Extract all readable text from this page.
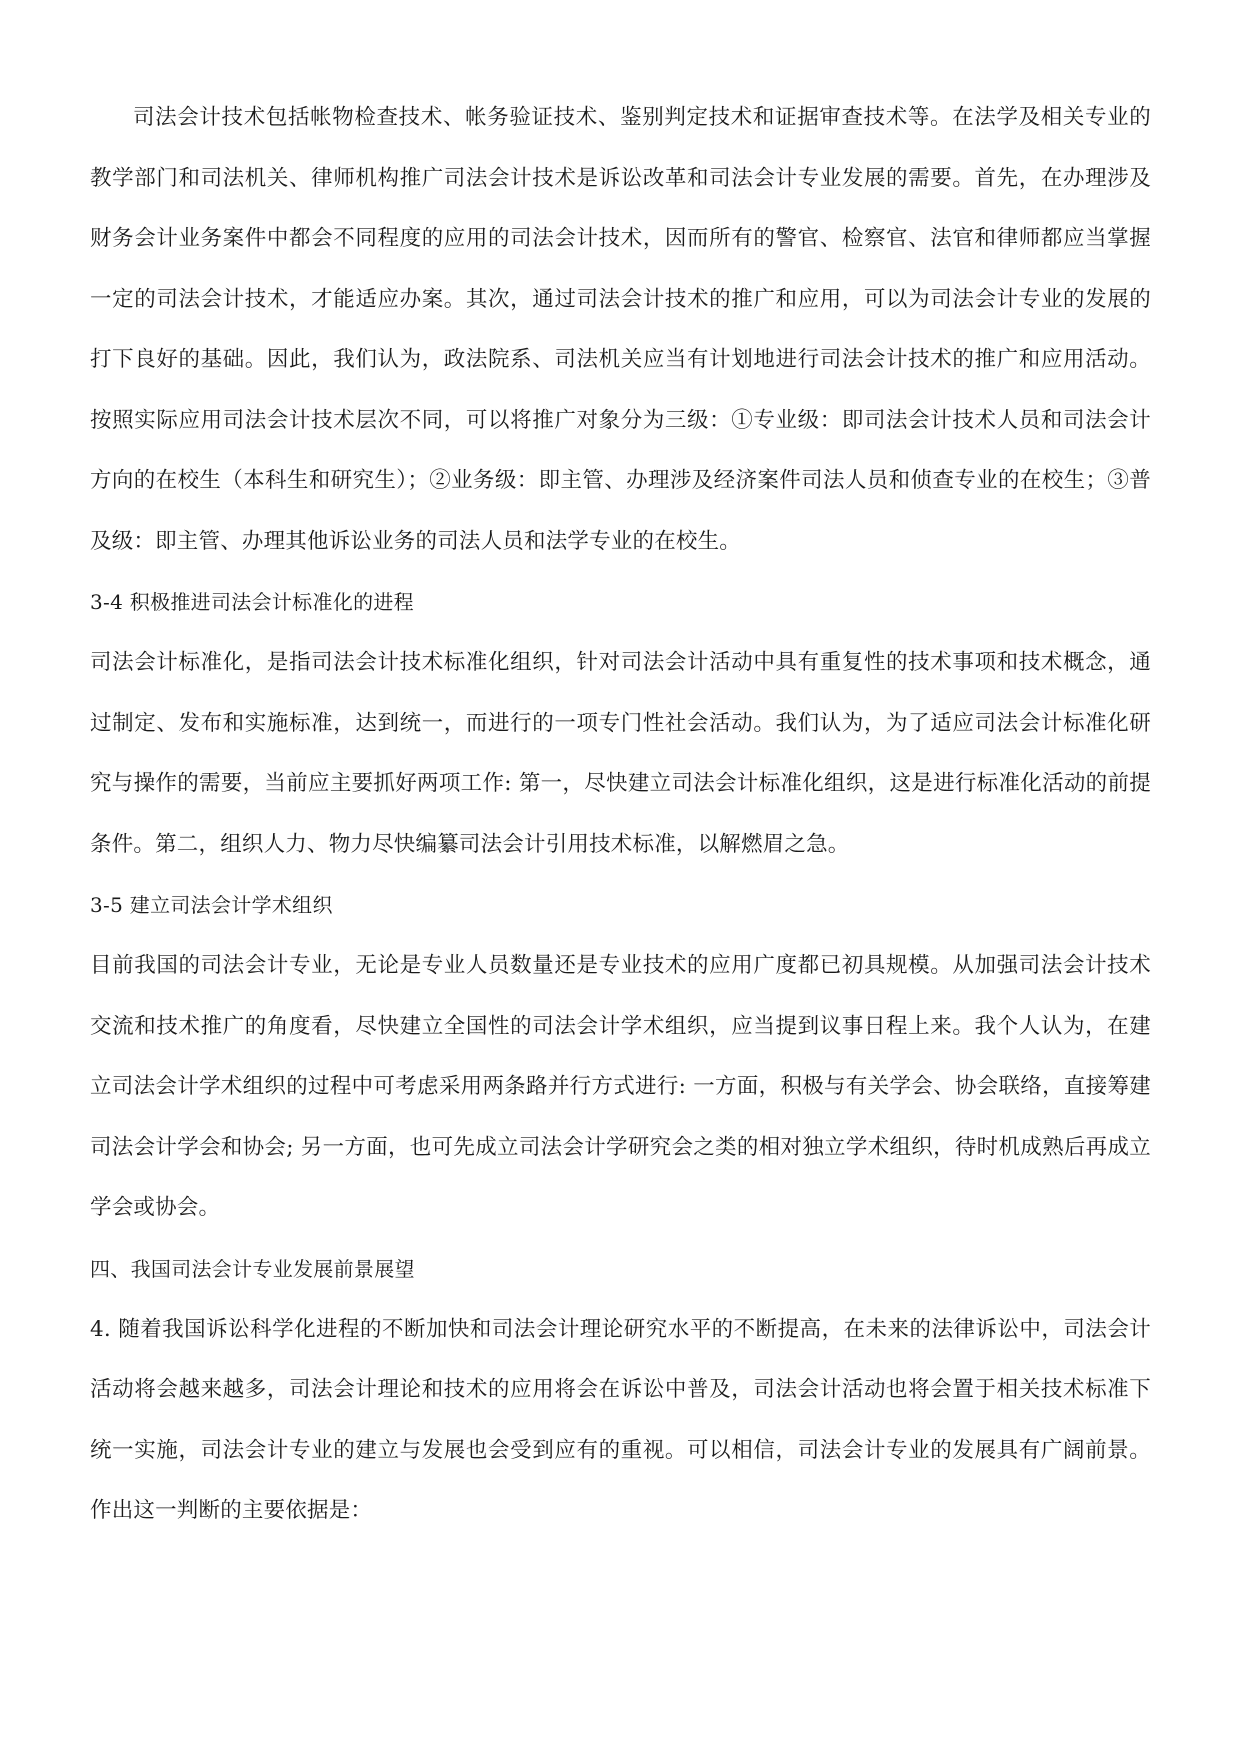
司法会计技术包括帐物检查技术、帐务验证技术、鉴别判定技术和证据审查技术等。在法学及相关专业的教学部门和司法机关、律师机构推广司法会计技术是诉讼改革和司法会计专业发展的需要。首先，在办理涉及财务会计业务案件中都会不同程度的应用的司法会计技术，因而所有的警官、检察官、法官和律师都应当掌握一定的司法会计技术，才能适应办案。其次，通过司法会计技术的推广和应用，可以为司法会计专业的发展的打下良好的基础。因此，我们认为，政法院系、司法机关应当有计划地进行司法会计技术的推广和应用活动。按照实际应用司法会计技术层次不同，可以将推广对象分为三级：①专业级：即司法会计技术人员和司法会计方向的在校生（本科生和研究生）；②业务级：即主管、办理涉及经济案件司法人员和侦查专业的在校生；③普及级：即主管、办理其他诉讼业务的司法人员和法学专业的在校生。

3-4 积极推进司法会计标准化的进程

司法会计标准化，是指司法会计技术标准化组织，针对司法会计活动中具有重复性的技术事项和技术概念，通过制定、发布和实施标准，达到统一，而进行的一项专门性社会活动。我们认为，为了适应司法会计标准化研究与操作的需要，当前应主要抓好两项工作: 第一，尽快建立司法会计标准化组织，这是进行标准化活动的前提条件。第二，组织人力、物力尽快编纂司法会计引用技术标准，以解燃眉之急。

3-5 建立司法会计学术组织

目前我国的司法会计专业，无论是专业人员数量还是专业技术的应用广度都已初具规模。从加强司法会计技术交流和技术推广的角度看，尽快建立全国性的司法会计学术组织，应当提到议事日程上来。我个人认为，在建立司法会计学术组织的过程中可考虑采用两条路并行方式进行: 一方面，积极与有关学会、协会联络，直接筹建司法会计学会和协会; 另一方面，也可先成立司法会计学研究会之类的相对独立学术组织，待时机成熟后再成立学会或协会。

四、我国司法会计专业发展前景展望

4. 随着我国诉讼科学化进程的不断加快和司法会计理论研究水平的不断提高，在未来的法律诉讼中，司法会计活动将会越来越多，司法会计理论和技术的应用将会在诉讼中普及，司法会计活动也将会置于相关技术标准下统一实施，司法会计专业的建立与发展也会受到应有的重视。可以相信，司法会计专业的发展具有广阔前景。作出这一判断的主要依据是：
